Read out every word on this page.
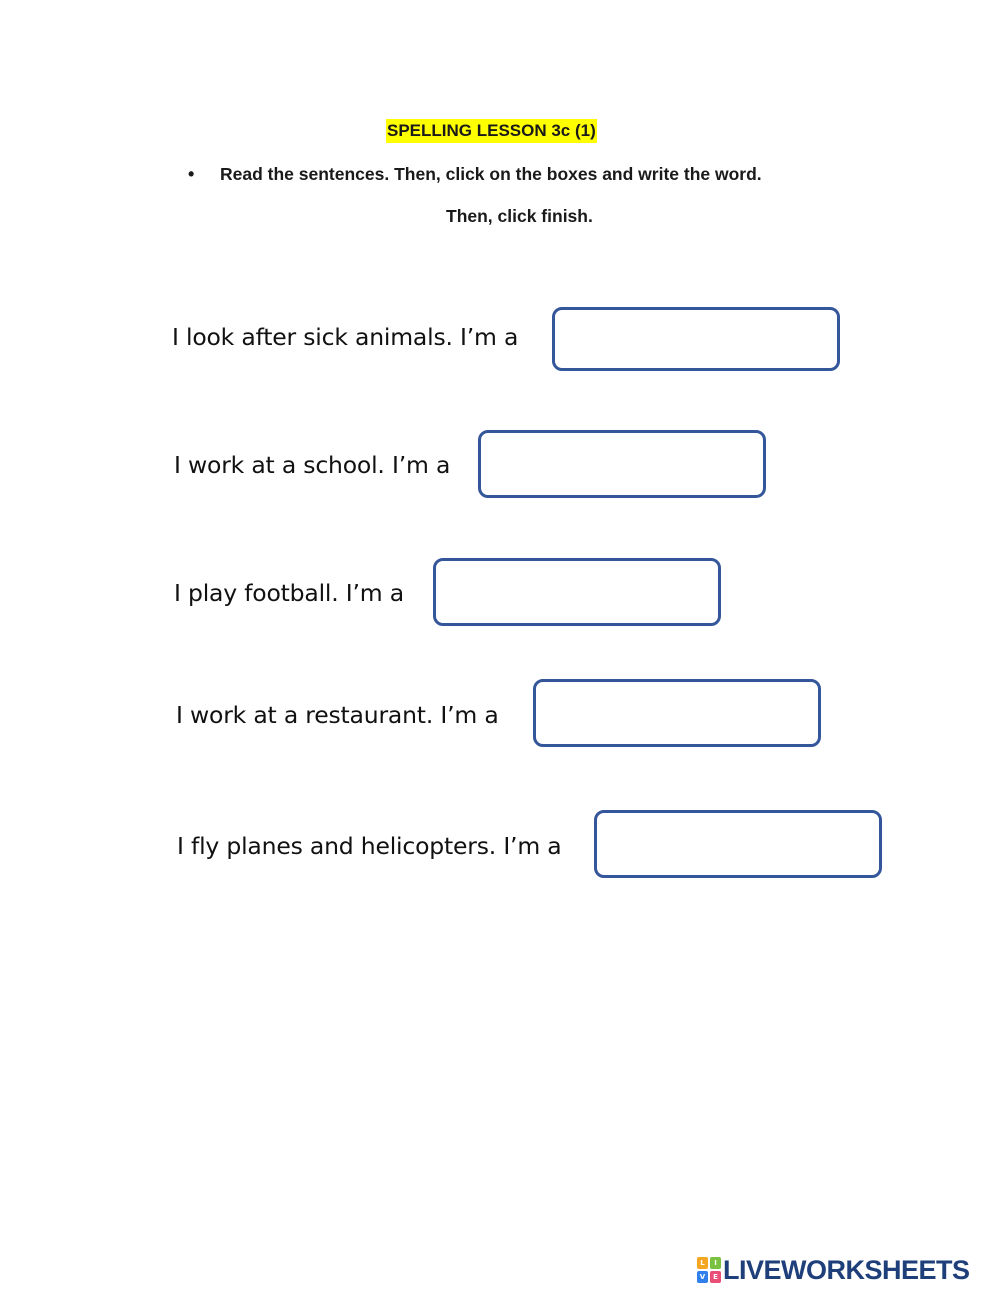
SPELLING LESSON 3c (1)
• Read the sentences. Then, click on the boxes and write the word.
Then, click finish.
I look after sick animals. I’m a
I work at a school. I’m a
I play football. I’m a
I work at a restaurant. I’m a
I fly planes and helicopters. I’m a
L	I
V	E LIVEWORKSHEETS
